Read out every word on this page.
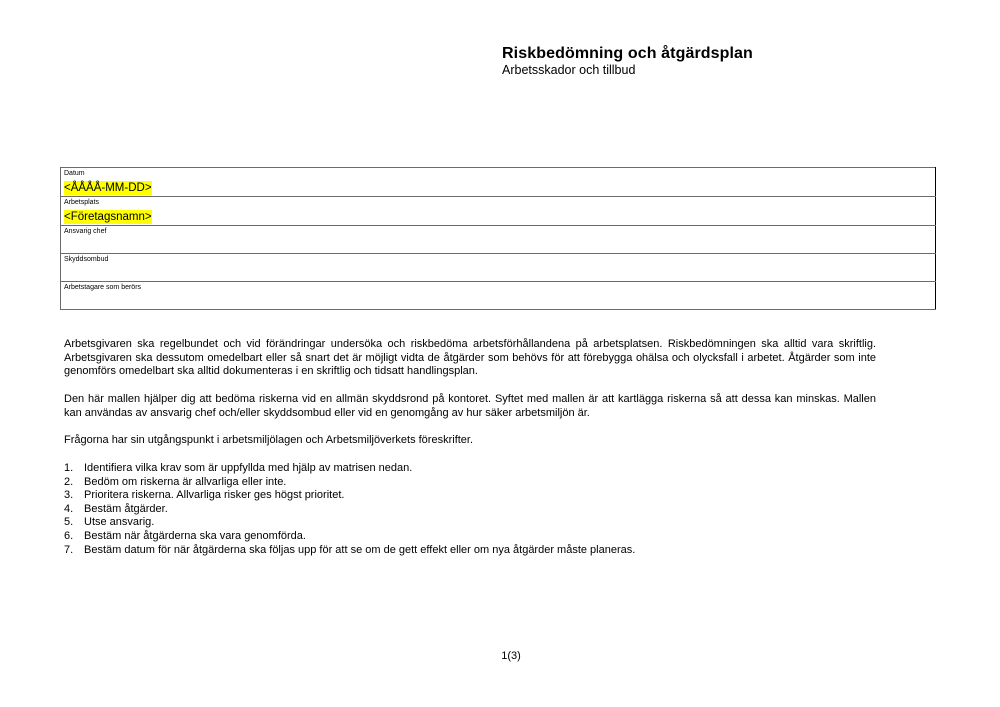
Riskbedömning och åtgärdsplan
Arbetsskador och tillbud
Datum
<ÅÅÅÅ-MM-DD>

Arbetsplats
<Företagsnamn>

Ansvarig chef

Skyddsombud

Arbetstagare som berörs
Arbetsgivaren ska regelbundet och vid förändringar undersöka och riskbedöma arbetsförhållandena på arbetsplatsen. Riskbedömningen ska alltid vara skriftlig. Arbetsgivaren ska dessutom omedelbart eller så snart det är möjligt vidta de åtgärder som behövs för att förebygga ohälsa och olycksfall i arbetet. Åtgärder som inte genomförs omedelbart ska alltid dokumenteras i en skriftlig och tidsatt handlingsplan.
Den här mallen hjälper dig att bedöma riskerna vid en allmän skyddsrond på kontoret. Syftet med mallen är att kartlägga riskerna så att dessa kan minskas. Mallen kan användas av ansvarig chef och/eller skyddsombud eller vid en genomgång av hur säker arbetsmiljön är.
Frågorna har sin utgångspunkt i arbetsmiljölagen och Arbetsmiljöverkets föreskrifter.
1. Identifiera vilka krav som är uppfyllda med hjälp av matrisen nedan.
2. Bedöm om riskerna är allvarliga eller inte.
3. Prioritera riskerna. Allvarliga risker ges högst prioritet.
4. Bestäm åtgärder.
5. Utse ansvarig.
6. Bestäm när åtgärderna ska vara genomförda.
7. Bestäm datum för när åtgärderna ska följas upp för att se om de gett effekt eller om nya åtgärder måste planeras.
1(3)
